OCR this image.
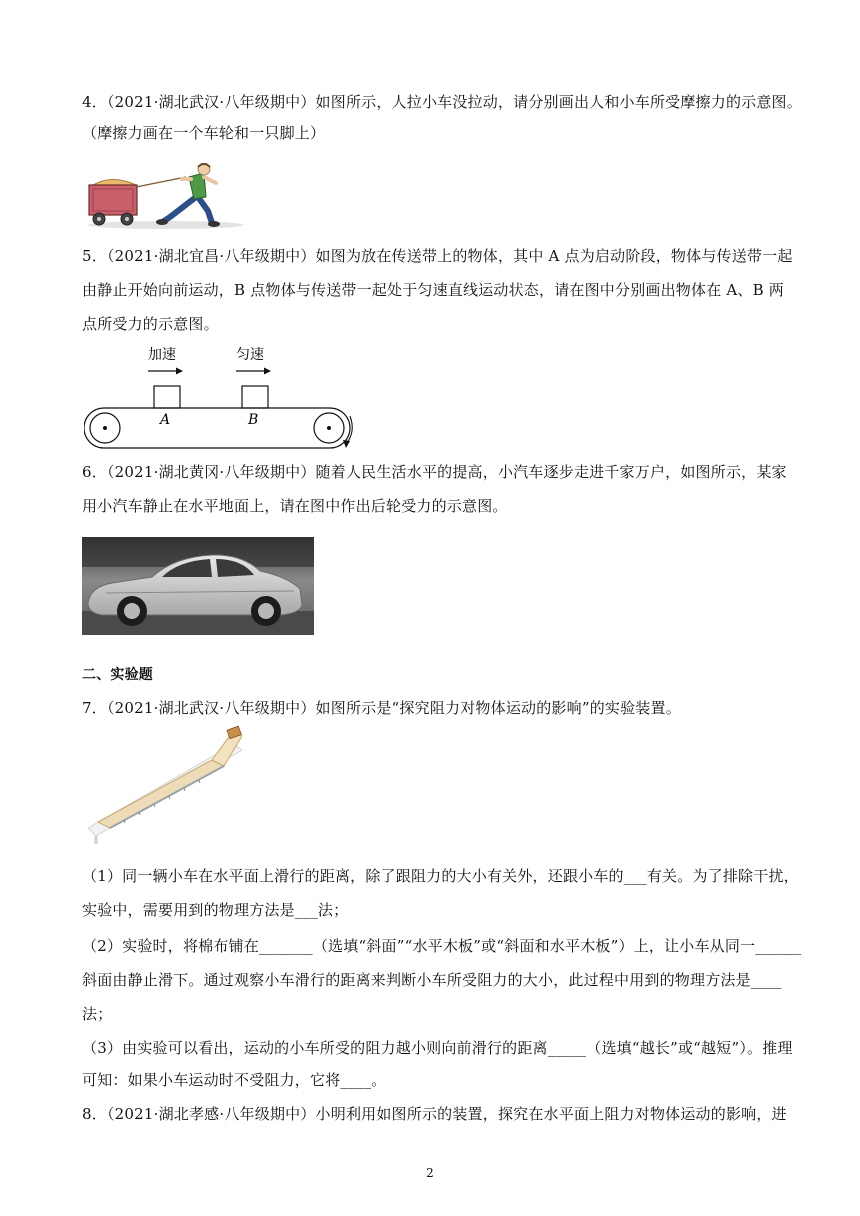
4．（2021·湖北武汉·八年级期中）如图所示，人拉小车没拉动，请分别画出人和小车所受摩擦力的示意图。
（摩擦力画在一个车轮和一只脚上）
5．（2021·湖北宜昌·八年级期中）如图为放在传送带上的物体，其中 A 点为启动阶段，物体与传送带一起
由静止开始向前运动，B 点物体与传送带一起处于匀速直线运动状态，请在图中分别画出物体在 A、B 两
点所受力的示意图。
加速	匀速
A	B
6．（2021·湖北黄冈·八年级期中）随着人民生活水平的提高，小汽车逐步走进千家万户，如图所示，某家
用小汽车静止在水平地面上，请在图中作出后轮受力的示意图。
二、实验题
7．（2021·湖北武汉·八年级期中）如图所示是“探究阻力对物体运动的影响”的实验装置。
（1）同一辆小车在水平面上滑行的距离，除了跟阻力的大小有关外，还跟小车的___有关。为了排除干扰，
实验中，需要用到的物理方法是___法；
（2）实验时，将棉布铺在_______（选填“斜面”“水平木板”或“斜面和水平木板”）上，让小车从同一______
斜面由静止滑下。通过观察小车滑行的距离来判断小车所受阻力的大小，此过程中用到的物理方法是____
法；
（3）由实验可以看出，运动的小车所受的阻力越小则向前滑行的距离_____（选填“越长”或“越短”）。推理
可知：如果小车运动时不受阻力，它将____。
8．（2021·湖北孝感·八年级期中）小明利用如图所示的装置，探究在水平面上阻力对物体运动的影响，进
2
